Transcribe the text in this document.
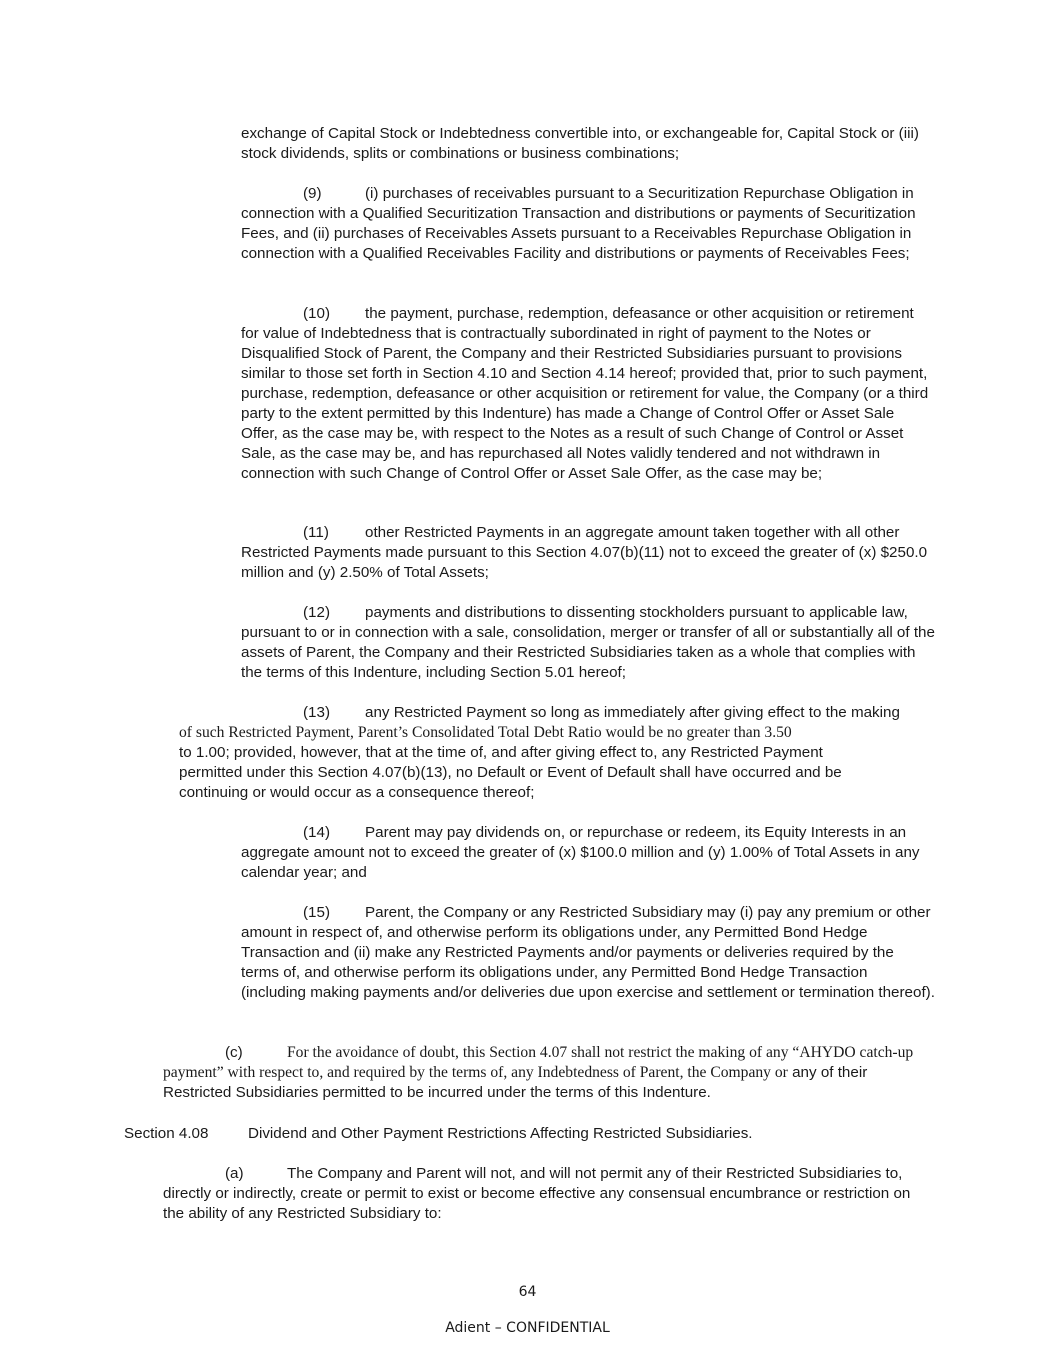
exchange of Capital Stock or Indebtedness convertible into, or exchangeable for, Capital Stock or (iii) stock dividends, splits or combinations or business combinations;

(9)	(i) purchases of receivables pursuant to a Securitization Repurchase Obligation in connection with a Qualified Securitization Transaction and distributions or payments of Securitization Fees, and (ii) purchases of Receivables Assets pursuant to a Receivables Repurchase Obligation in connection with a Qualified Receivables Facility and distributions or payments of Receivables Fees;

(10) the payment, purchase, redemption, defeasance or other acquisition or retirement for value of Indebtedness that is contractually subordinated in right of payment to the Notes or Disqualified Stock of Parent, the Company and their Restricted Subsidiaries pursuant to provisions similar to those set forth in Section 4.10 and Section 4.14 hereof; provided that, prior to such payment, purchase, redemption, defeasance or other acquisition or retirement for value, the Company (or a third party to the extent permitted by this Indenture) has made a Change of Control Offer or Asset Sale Offer, as the case may be, with respect to the Notes as a result of such Change of Control or Asset Sale, as the case may be, and has repurchased all Notes validly tendered and not withdrawn in connection with such Change of Control Offer or Asset Sale Offer, as the case may be;

(11) other Restricted Payments in an aggregate amount taken together with all other Restricted Payments made pursuant to this Section 4.07(b)(11) not to exceed the greater of (x) $250.0 million and (y) 2.50% of Total Assets;

(12) payments and distributions to dissenting stockholders pursuant to applicable law, pursuant to or in connection with a sale, consolidation, merger or transfer of all or substantially all of the assets of Parent, the Company and their Restricted Subsidiaries taken as a whole that complies with the terms of this Indenture, including Section 5.01 hereof;

(13) any Restricted Payment so long as immediately after giving effect to the making
of such Restricted Payment, Parent’s Consolidated Total Debt Ratio would be no greater than 3.50
to 1.00; provided, however, that at the time of, and after giving effect to, any Restricted Payment permitted under this Section 4.07(b)(13), no Default or Event of Default shall have occurred and be continuing or would occur as a consequence thereof;

(14) Parent may pay dividends on, or repurchase or redeem, its Equity Interests in an aggregate amount not to exceed the greater of (x) $100.0 million and (y) 1.00% of Total Assets in any calendar year; and

(15) Parent, the Company or any Restricted Subsidiary may (i) pay any premium or other amount in respect of, and otherwise perform its obligations under, any Permitted Bond Hedge Transaction and (ii) make any Restricted Payments and/or payments or deliveries required by the terms of, and otherwise perform its obligations under, any Permitted Bond Hedge Transaction (including making payments and/or deliveries due upon exercise and settlement or termination thereof).

(c)	For the avoidance of doubt, this Section 4.07 shall not restrict the making of any “AHYDO catch-up payment” with respect to, and required by the terms of, any Indebtedness of Parent, the Company or any of their Restricted Subsidiaries permitted to be incurred under the terms of this Indenture.

Section 4.08	Dividend and Other Payment Restrictions Affecting Restricted Subsidiaries.

(a)	The Company and Parent will not, and will not permit any of their Restricted Subsidiaries to, directly or indirectly, create or permit to exist or become effective any consensual encumbrance or restriction on the ability of any Restricted Subsidiary to:

64
Adient – CONFIDENTIAL
